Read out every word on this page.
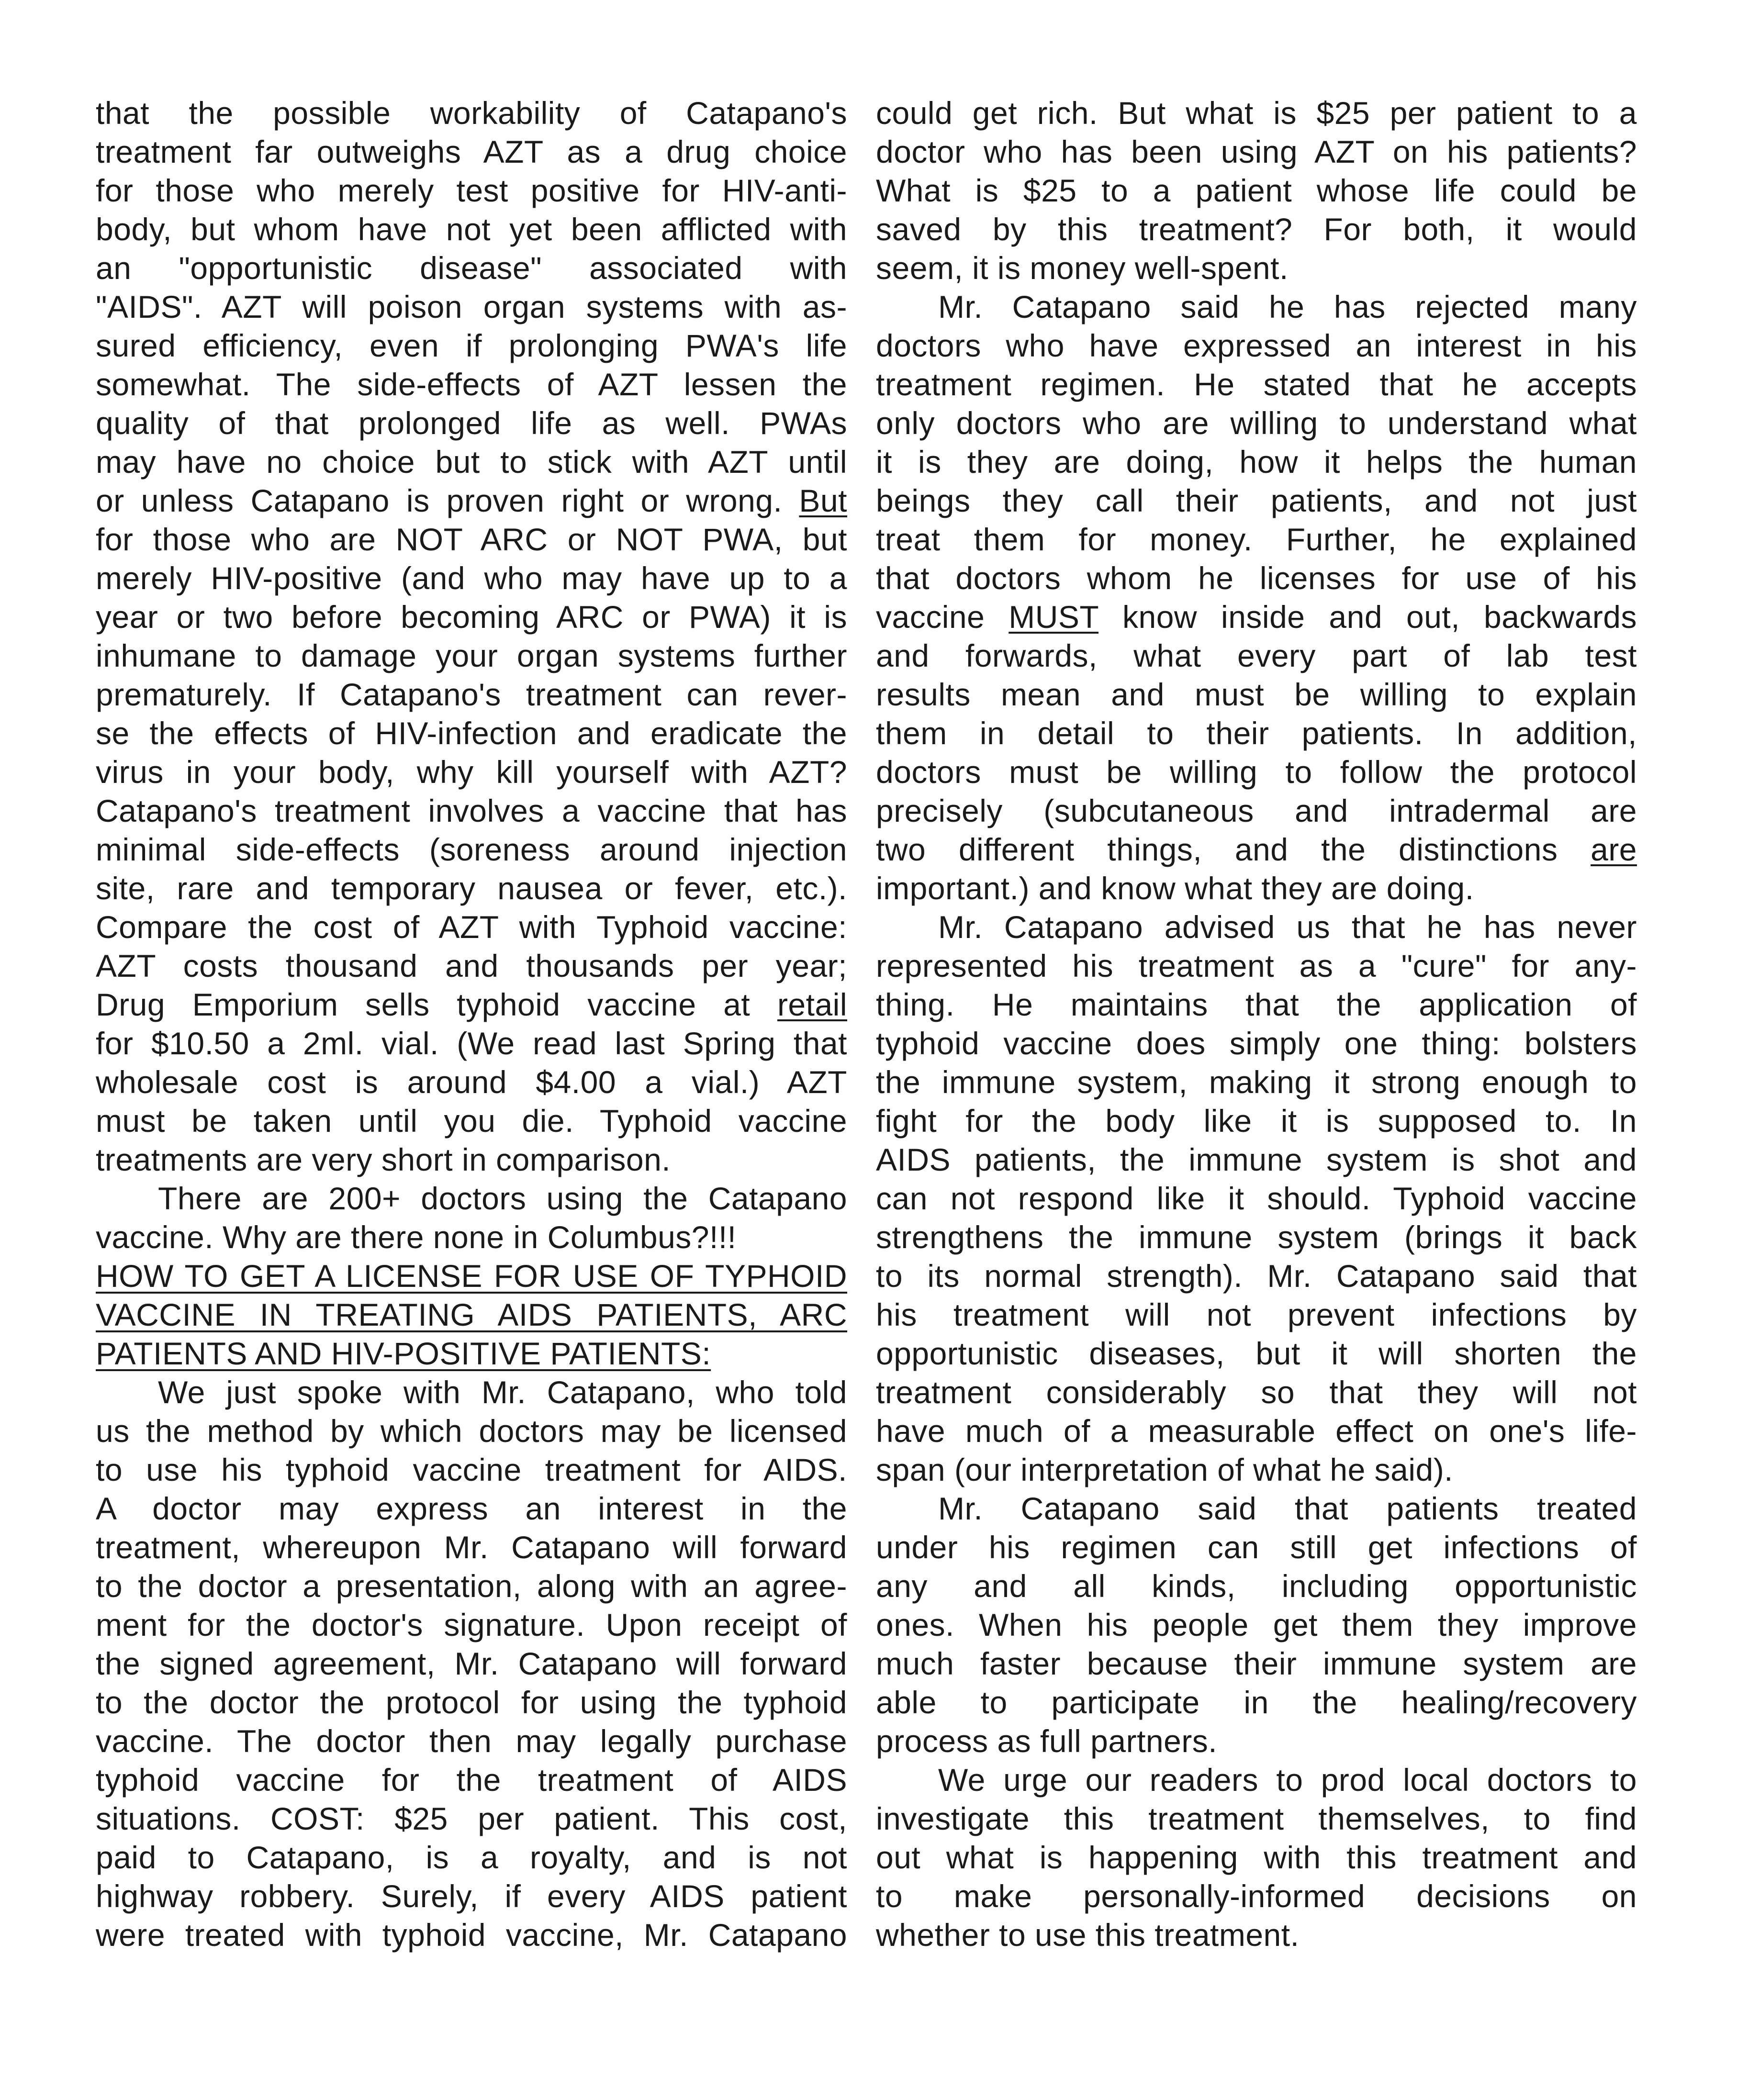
that the possible workability of Catapano's
treatment far outweighs AZT as a drug choice
for those who merely test positive for HIV-anti-
body, but whom have not yet been afflicted with
an "opportunistic disease" associated with
"AIDS". AZT will poison organ systems with as-
sured efficiency, even if prolonging PWA's life
somewhat. The side-effects of AZT lessen the
quality of that prolonged life as well. PWAs
may have no choice but to stick with AZT until
or unless Catapano is proven right or wrong. But
for those who are NOT ARC or NOT PWA, but
merely HIV-positive (and who may have up to a
year or two before becoming ARC or PWA) it is
inhumane to damage your organ systems further
prematurely. If Catapano's treatment can rever-
se the effects of HIV-infection and eradicate the
virus in your body, why kill yourself with AZT?
Catapano's treatment involves a vaccine that has
minimal side-effects (soreness around injection
site, rare and temporary nausea or fever, etc.).
Compare the cost of AZT with Typhoid vaccine:
AZT costs thousand and thousands per year;
Drug Emporium sells typhoid vaccine at retail
for $10.50 a 2ml. vial. (We read last Spring that
wholesale cost is around $4.00 a vial.) AZT
must be taken until you die. Typhoid vaccine
treatments are very short in comparison.
There are 200+ doctors using the Catapano
vaccine. Why are there none in Columbus?!!!
HOW TO GET A LICENSE FOR USE OF TYPHOID
VACCINE IN TREATING AIDS PATIENTS, ARC
PATIENTS AND HIV-POSITIVE PATIENTS:
We just spoke with Mr. Catapano, who told
us the method by which doctors may be licensed
to use his typhoid vaccine treatment for AIDS.
A doctor may express an interest in the
treatment, whereupon Mr. Catapano will forward
to the doctor a presentation, along with an agree-
ment for the doctor's signature. Upon receipt of
the signed agreement, Mr. Catapano will forward
to the doctor the protocol for using the typhoid
vaccine. The doctor then may legally purchase
typhoid vaccine for the treatment of AIDS
situations. COST: $25 per patient. This cost,
paid to Catapano, is a royalty, and is not
highway robbery. Surely, if every AIDS patient
were treated with typhoid vaccine, Mr. Catapano
could get rich. But what is $25 per patient to a
doctor who has been using AZT on his patients?
What is $25 to a patient whose life could be
saved by this treatment? For both, it would
seem, it is money well-spent.
Mr. Catapano said he has rejected many
doctors who have expressed an interest in his
treatment regimen. He stated that he accepts
only doctors who are willing to understand what
it is they are doing, how it helps the human
beings they call their patients, and not just
treat them for money. Further, he explained
that doctors whom he licenses for use of his
vaccine MUST know inside and out, backwards
and forwards, what every part of lab test
results mean and must be willing to explain
them in detail to their patients. In addition,
doctors must be willing to follow the protocol
precisely (subcutaneous and intradermal are
two different things, and the distinctions are
important.) and know what they are doing.
Mr. Catapano advised us that he has never
represented his treatment as a "cure" for any-
thing. He maintains that the application of
typhoid vaccine does simply one thing: bolsters
the immune system, making it strong enough to
fight for the body like it is supposed to. In
AIDS patients, the immune system is shot and
can not respond like it should. Typhoid vaccine
strengthens the immune system (brings it back
to its normal strength). Mr. Catapano said that
his treatment will not prevent infections by
opportunistic diseases, but it will shorten the
treatment considerably so that they will not
have much of a measurable effect on one's life-
span (our interpretation of what he said).
Mr. Catapano said that patients treated
under his regimen can still get infections of
any and all kinds, including opportunistic
ones. When his people get them they improve
much faster because their immune system are
able to participate in the healing/recovery
process as full partners.
We urge our readers to prod local doctors to
investigate this treatment themselves, to find
out what is happening with this treatment and
to make personally-informed decisions on
whether to use this treatment.
